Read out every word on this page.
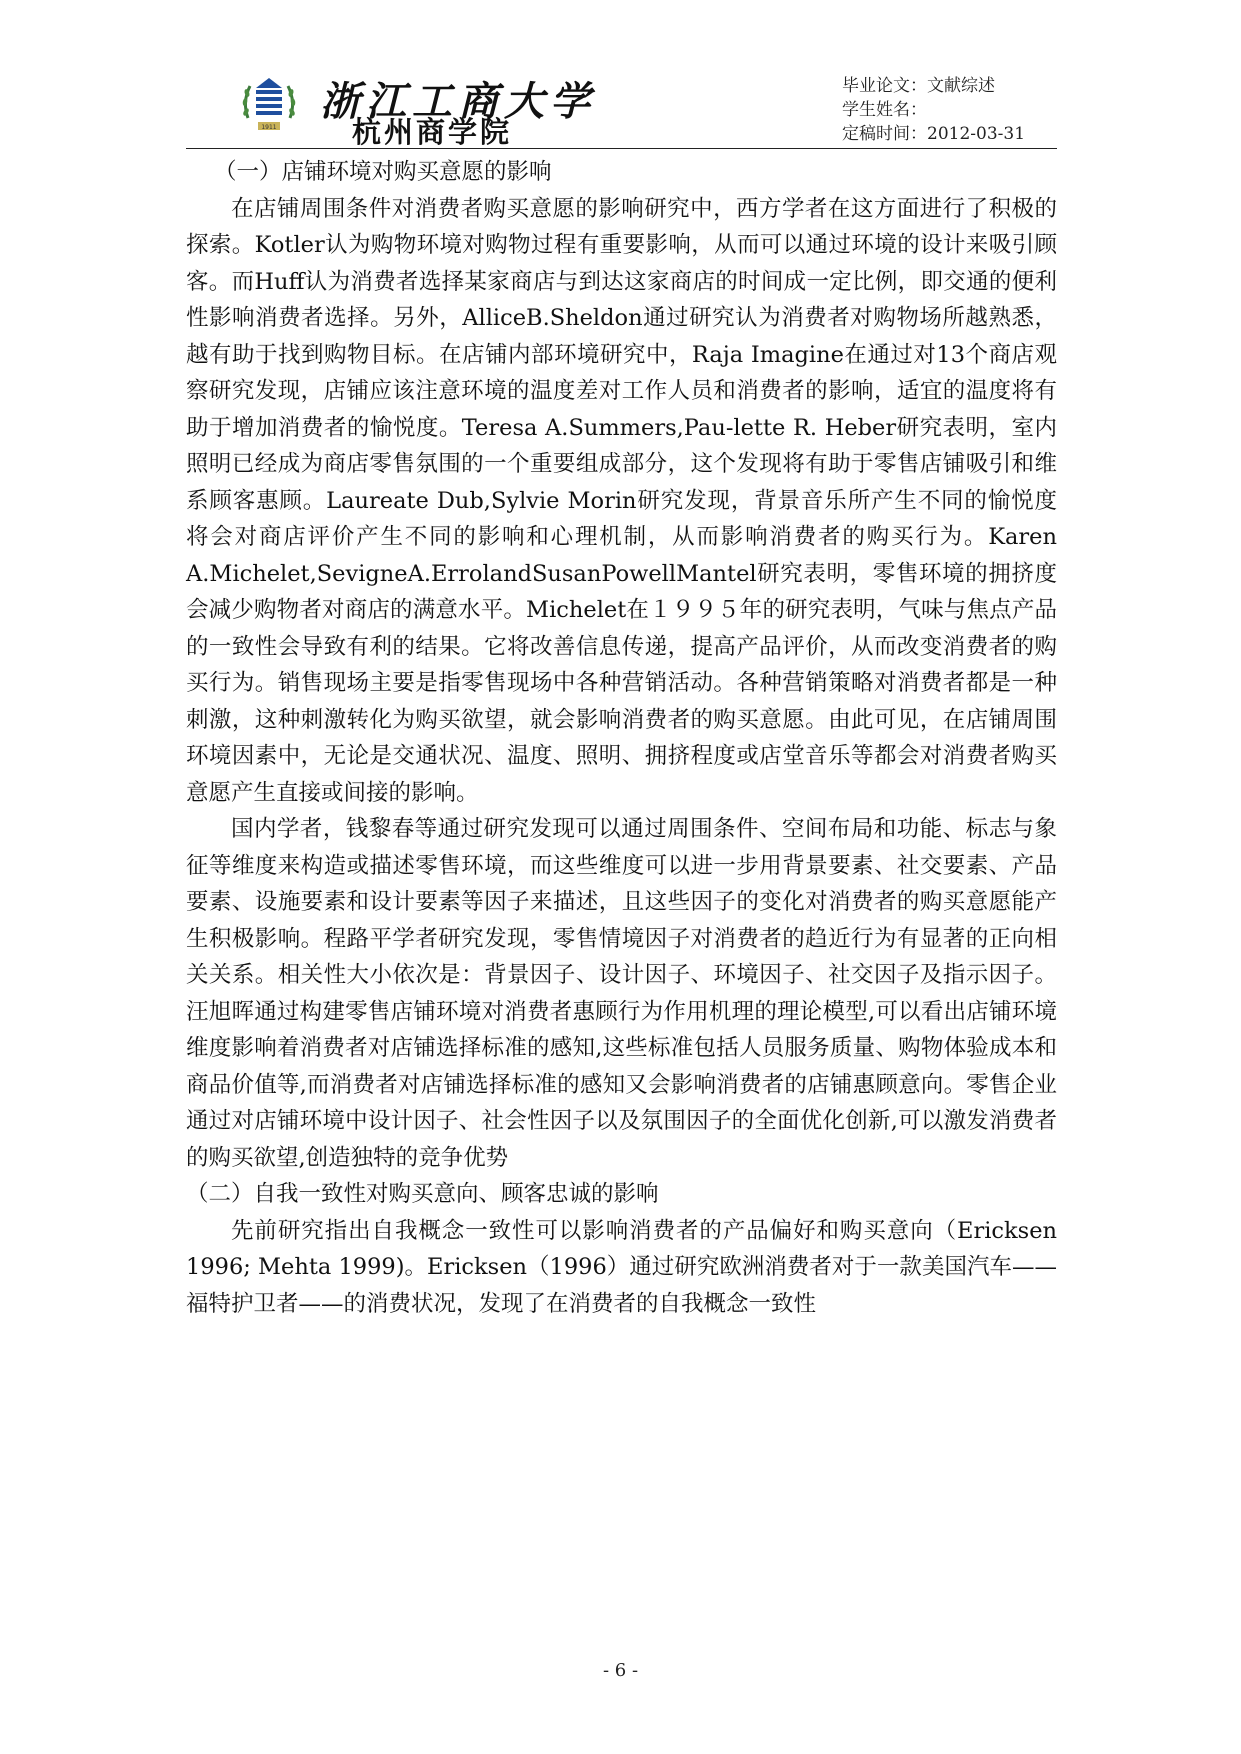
1911
浙江工商大学
杭州商学院
毕业论文：文献综述
学生姓名：
定稿时间：2012-03-31

（一）店铺环境对购买意愿的影响

在店铺周围条件对消费者购买意愿的影响研究中，西方学者在这方面进行了积极的探索。Kotler认为购物环境对购物过程有重要影响，从而可以通过环境的设计来吸引顾客。而Huff认为消费者选择某家商店与到达这家商店的时间成一定比例，即交通的便利性影响消费者选择。另外，AlliceB.Sheldon通过研究认为消费者对购物场所越熟悉，越有助于找到购物目标。在店铺内部环境研究中，Raja Imagine在通过对13个商店观察研究发现，店铺应该注意环境的温度差对工作人员和消费者的影响，适宜的温度将有助于增加消费者的愉悦度。Teresa A.Summers,Pau-lette R. Heber研究表明，室内照明已经成为商店零售氛围的一个重要组成部分，这个发现将有助于零售店铺吸引和维系顾客惠顾。Laureate Dub,Sylvie Morin研究发现，背景音乐所产生不同的愉悦度将会对商店评价产生不同的影响和心理机制，从而影响消费者的购买行为。Karen A.Michelet,SevigneA.ErrolandSusanPowellMantel研究表明，零售环境的拥挤度会减少购物者对商店的满意水平。Michelet在１９９５年的研究表明，气味与焦点产品的一致性会导致有利的结果。它将改善信息传递，提高产品评价，从而改变消费者的购买行为。销售现场主要是指零售现场中各种营销活动。各种营销策略对消费者都是一种刺激，这种刺激转化为购买欲望，就会影响消费者的购买意愿。由此可见，在店铺周围环境因素中，无论是交通状况、温度、照明、拥挤程度或店堂音乐等都会对消费者购买意愿产生直接或间接的影响。

国内学者，钱黎春等通过研究发现可以通过周围条件、空间布局和功能、标志与象征等维度来构造或描述零售环境，而这些维度可以进一步用背景要素、社交要素、产品要素、设施要素和设计要素等因子来描述，且这些因子的变化对消费者的购买意愿能产生积极影响。程路平学者研究发现，零售情境因子对消费者的趋近行为有显著的正向相关关系。相关性大小依次是：背景因子、设计因子、环境因子、社交因子及指示因子。汪旭晖通过构建零售店铺环境对消费者惠顾行为作用机理的理论模型,可以看出店铺环境维度影响着消费者对店铺选择标准的感知,这些标准包括人员服务质量、购物体验成本和商品价值等,而消费者对店铺选择标准的感知又会影响消费者的店铺惠顾意向。零售企业通过对店铺环境中设计因子、社会性因子以及氛围因子的全面优化创新,可以激发消费者的购买欲望,创造独特的竞争优势

（二）自我一致性对购买意向、顾客忠诚的影响

先前研究指出自我概念一致性可以影响消费者的产品偏好和购买意向（Ericksen 1996; Mehta 1999)。Ericksen（1996）通过研究欧洲消费者对于一款美国汽车——福特护卫者——的消费状况，发现了在消费者的自我概念一致性

- 6 -
